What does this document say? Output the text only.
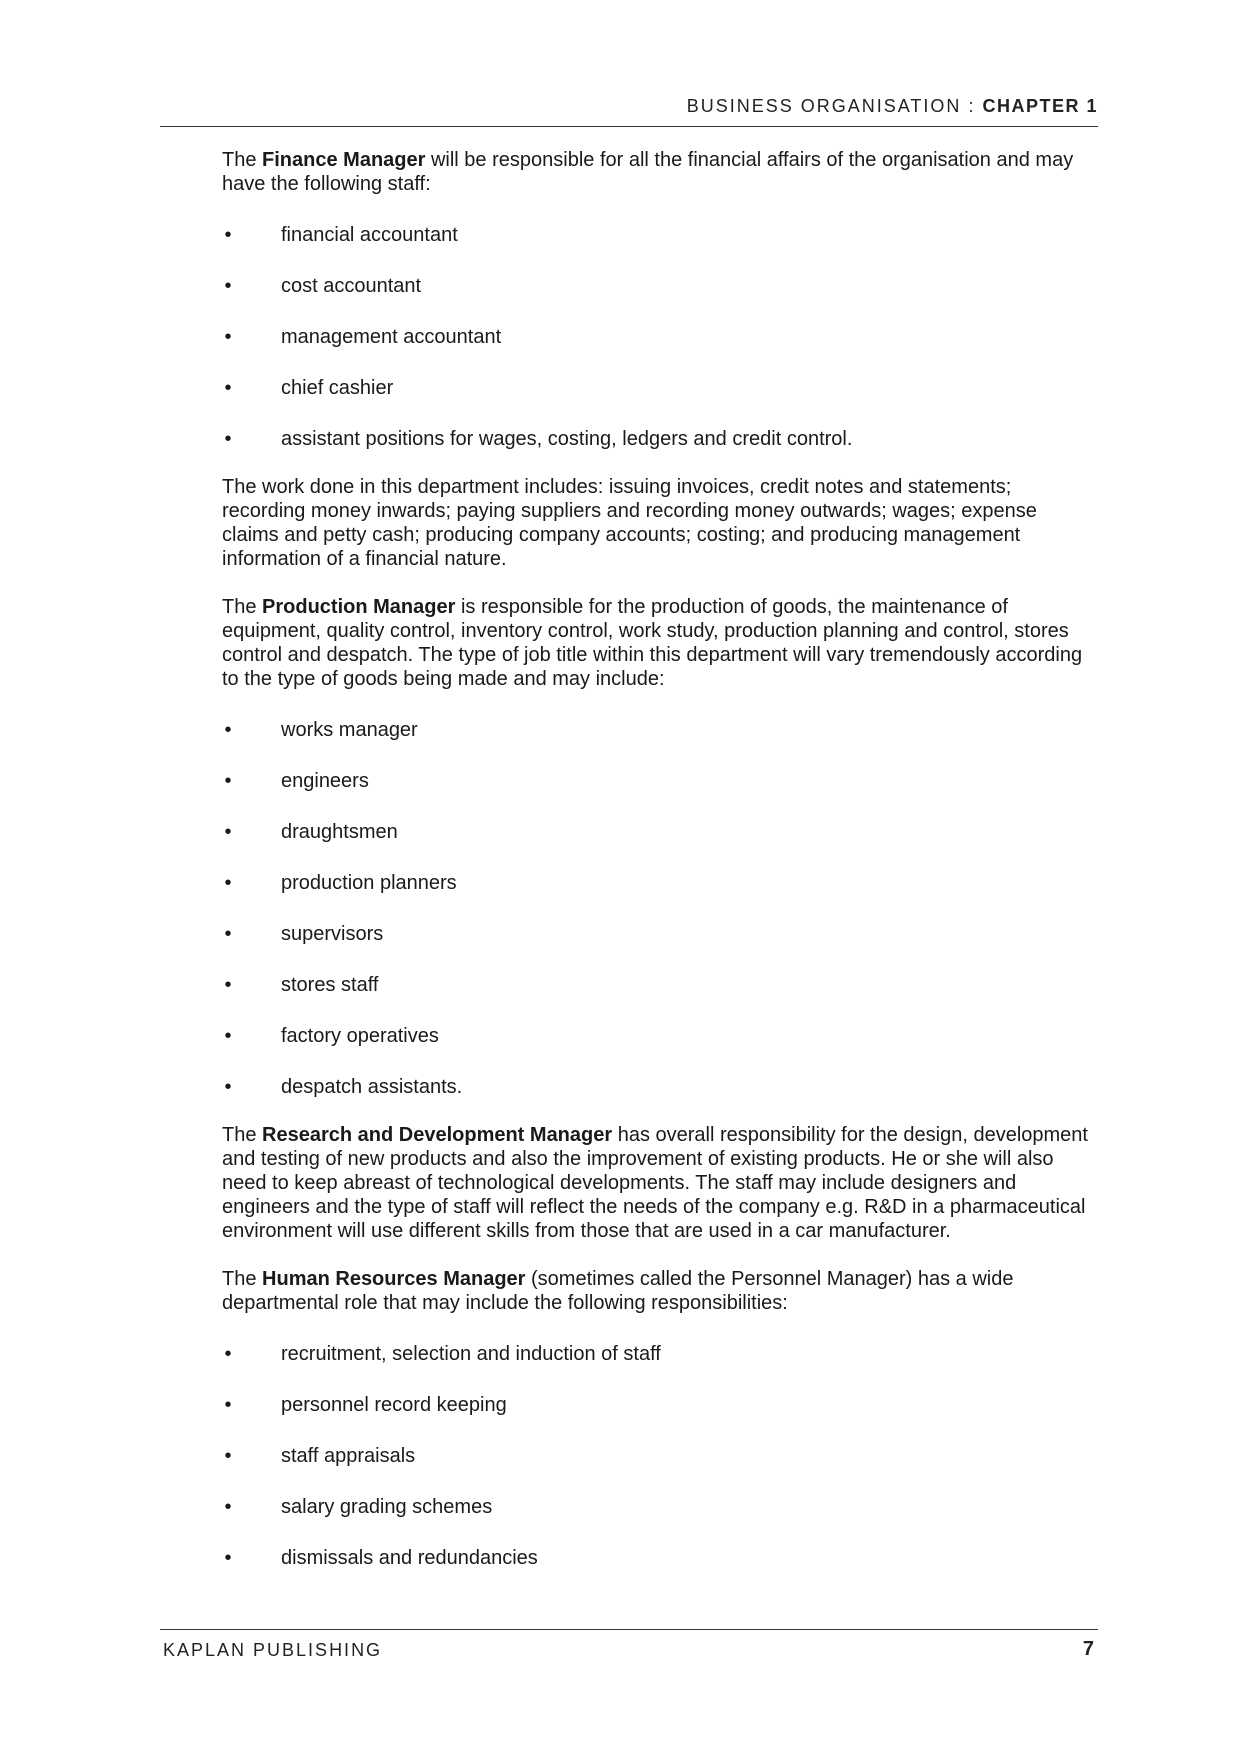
BUSINESS ORGANISATION : CHAPTER 1

The Finance Manager will be responsible for all the financial affairs of the organisation and may have the following staff:

• financial accountant
• cost accountant
• management accountant
• chief cashier
• assistant positions for wages, costing, ledgers and credit control.

The work done in this department includes: issuing invoices, credit notes and statements; recording money inwards; paying suppliers and recording money outwards; wages; expense claims and petty cash; producing company accounts; costing; and producing management information of a financial nature.

The Production Manager is responsible for the production of goods, the maintenance of equipment, quality control, inventory control, work study, production planning and control, stores control and despatch. The type of job title within this department will vary tremendously according to the type of goods being made and may include:

• works manager
• engineers
• draughtsmen
• production planners
• supervisors
• stores staff
• factory operatives
• despatch assistants.

The Research and Development Manager has overall responsibility for the design, development and testing of new products and also the improvement of existing products. He or she will also need to keep abreast of technological developments. The staff may include designers and engineers and the type of staff will reflect the needs of the company e.g. R&D in a pharmaceutical environment will use different skills from those that are used in a car manufacturer.

The Human Resources Manager (sometimes called the Personnel Manager) has a wide departmental role that may include the following responsibilities:

• recruitment, selection and induction of staff
• personnel record keeping
• staff appraisals
• salary grading schemes
• dismissals and redundancies
KAPLAN PUBLISHING	7
